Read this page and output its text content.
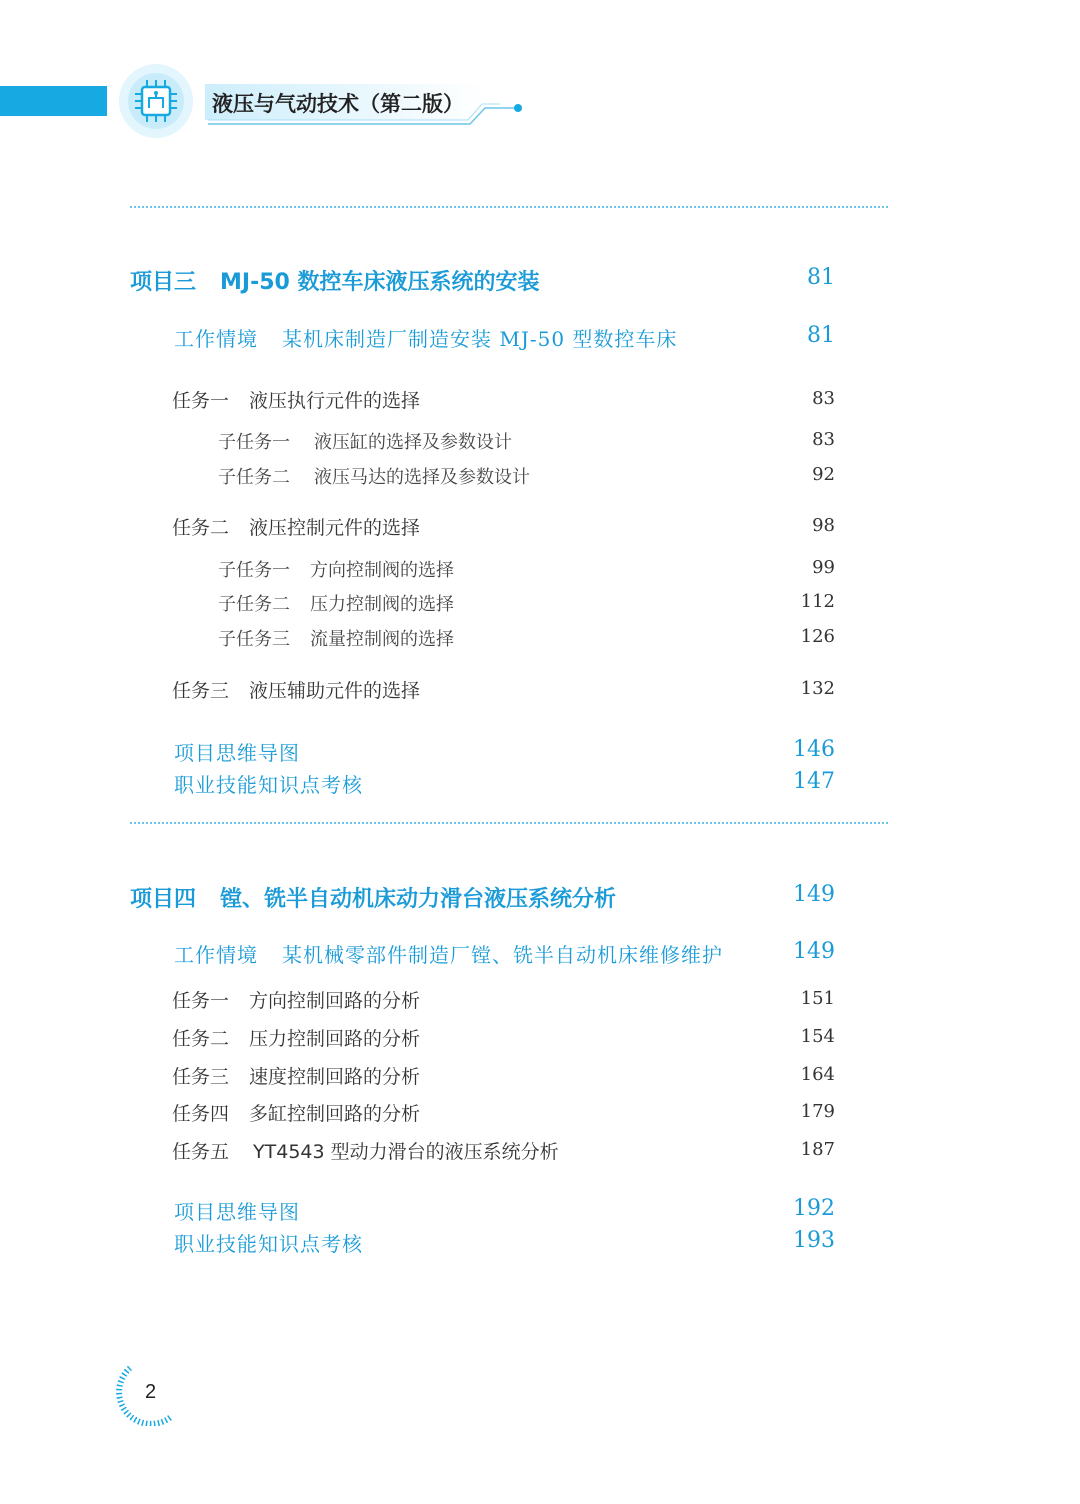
液压与气动技术（第二版）
项目三 MJ-50 数控车床液压系统的安装	81
工作情境 某机床制造厂制造安装 MJ-50 型数控车床	81
任务一 液压执行元件的选择	83
子任务一 液压缸的选择及参数设计	83
子任务二 液压马达的选择及参数设计	92
任务二 液压控制元件的选择	98
子任务一 方向控制阀的选择	99
子任务二 压力控制阀的选择	112
子任务三 流量控制阀的选择	126
任务三 液压辅助元件的选择	132
项目思维导图	146
职业技能知识点考核	147
项目四 镗、铣半自动机床动力滑台液压系统分析	149
工作情境 某机械零部件制造厂镗、铣半自动机床维修维护	149
任务一 方向控制回路的分析	151
任务二 压力控制回路的分析	154
任务三 速度控制回路的分析	164
任务四 多缸控制回路的分析	179
任务五 YT4543 型动力滑台的液压系统分析	187
项目思维导图	192
职业技能知识点考核	193
2
